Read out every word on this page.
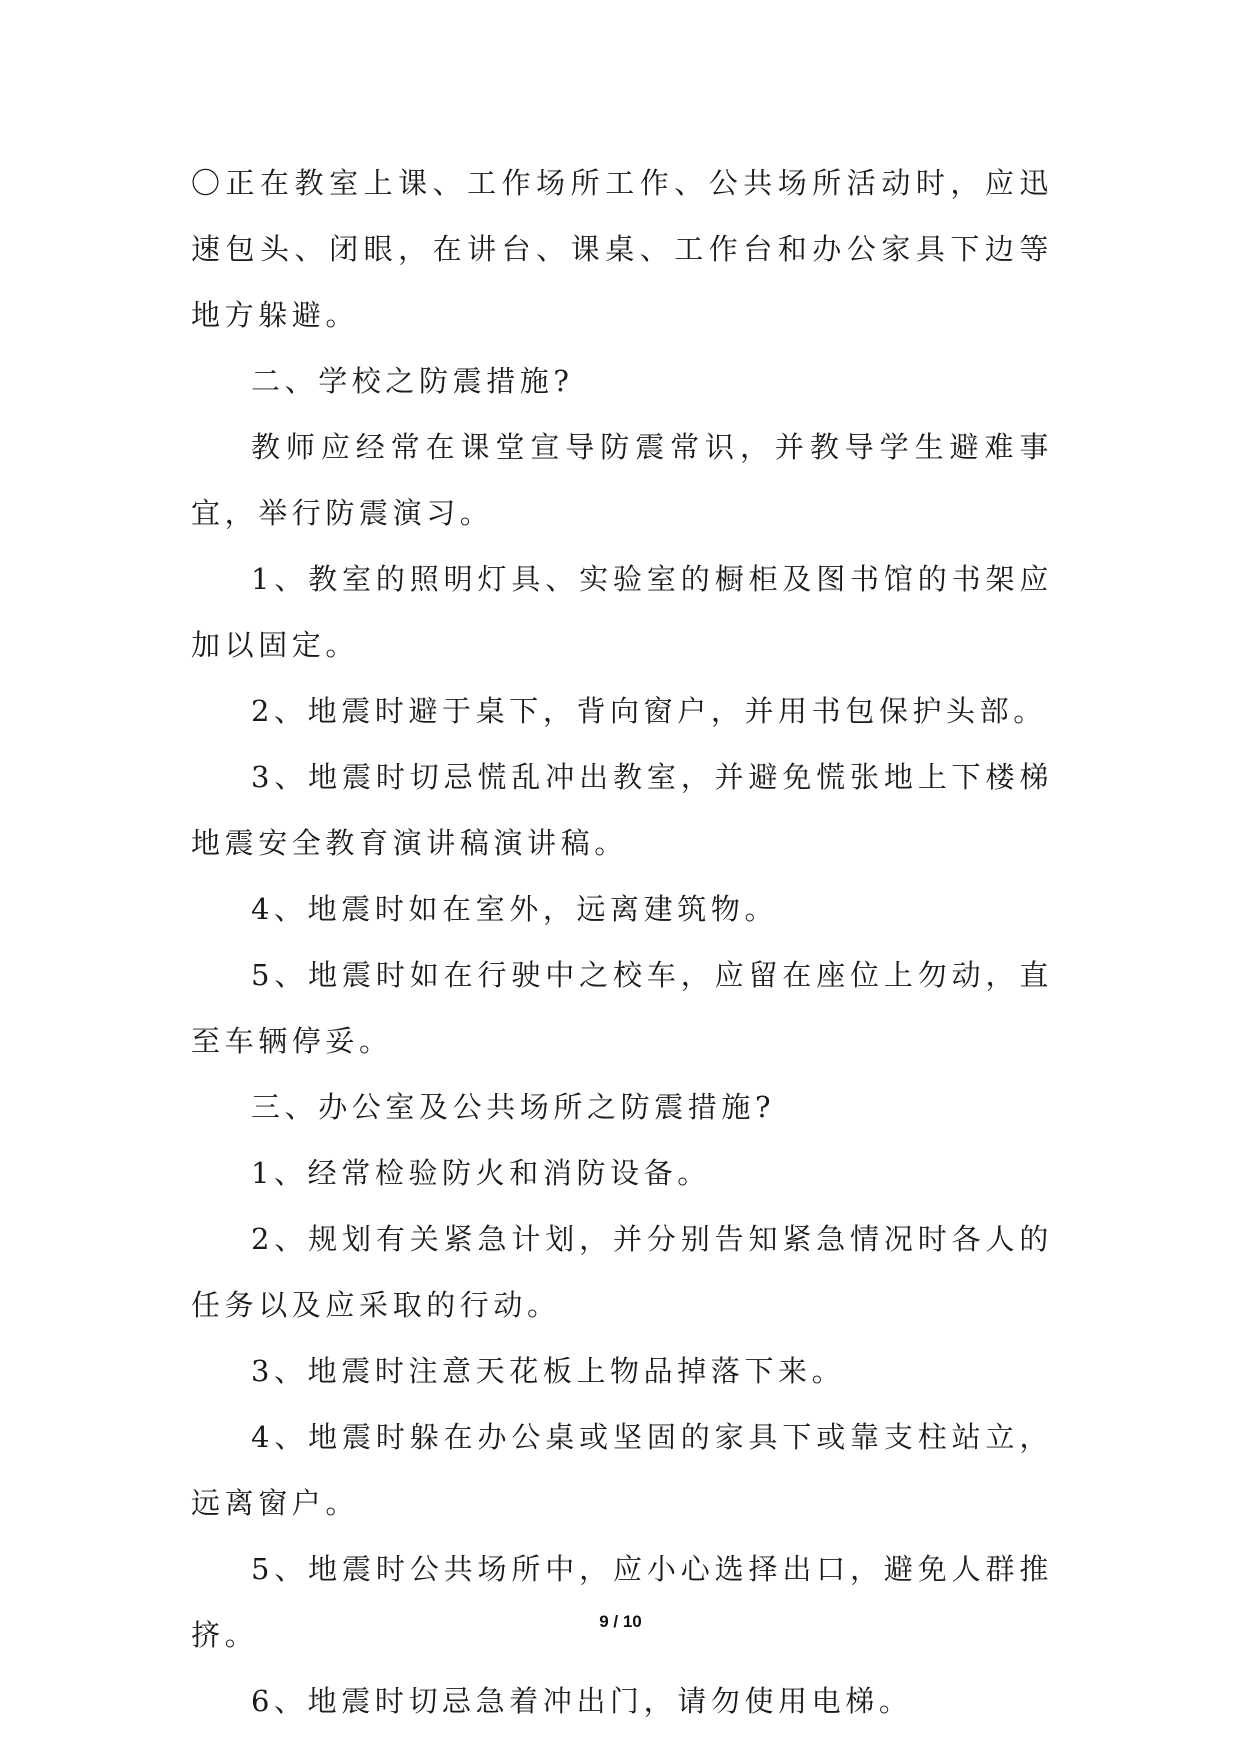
〇正在教室上课、工作场所工作、公共场所活动时，应迅速包头、闭眼，在讲台、课桌、工作台和办公家具下边等地方躲避。

二、学校之防震措施?

教师应经常在课堂宣导防震常识，并教导学生避难事宜，举行防震演习。

1、教室的照明灯具、实验室的橱柜及图书馆的书架应加以固定。

2、地震时避于桌下，背向窗户，并用书包保护头部。

3、地震时切忌慌乱冲出教室，并避免慌张地上下楼梯地震安全教育演讲稿演讲稿。

4、地震时如在室外，远离建筑物。

5、地震时如在行驶中之校车，应留在座位上勿动，直至车辆停妥。

三、办公室及公共场所之防震措施?

1、经常检验防火和消防设备。

2、规划有关紧急计划，并分别告知紧急情况时各人的任务以及应采取的行动。

3、地震时注意天花板上物品掉落下来。

4、地震时躲在办公桌或坚固的家具下或靠支柱站立，远离窗户。

5、地震时公共场所中，应小心选择出口，避免人群推挤。

6、地震时切忌急着冲出门，请勿使用电梯。

9 / 10
